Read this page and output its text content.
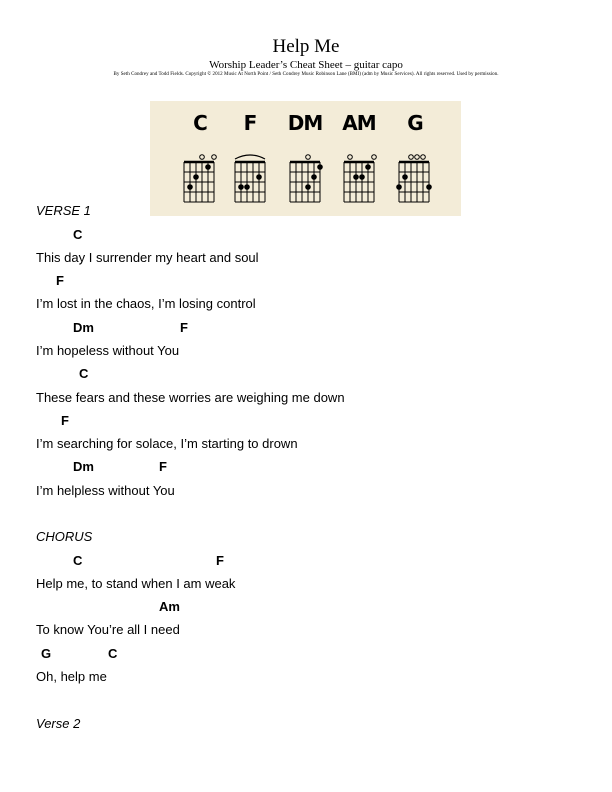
Help Me
Worship Leader’s Cheat Sheet – guitar capo
By Seth Condrey and Todd Fields. Copyright © 2012 Music At North Point / Seth Condrey Music Robinson Lane (BMI) (adm by Music Services). All rights reserved. Used by permission.
C	F	DM AM	G
VERSE 1
C
This day I surrender my heart and soul
F
I’m lost in the chaos, I’m losing control
Dm	F
I’m hopeless without You
C
These fears and these worries are weighing me down
F
I’m searching for solace, I’m starting to drown
Dm	F
I’m helpless without You
CHORUS
C	F
Help me, to stand when I am weak
Am
To know You’re all I need
G	C
Oh, help me
Verse 2
